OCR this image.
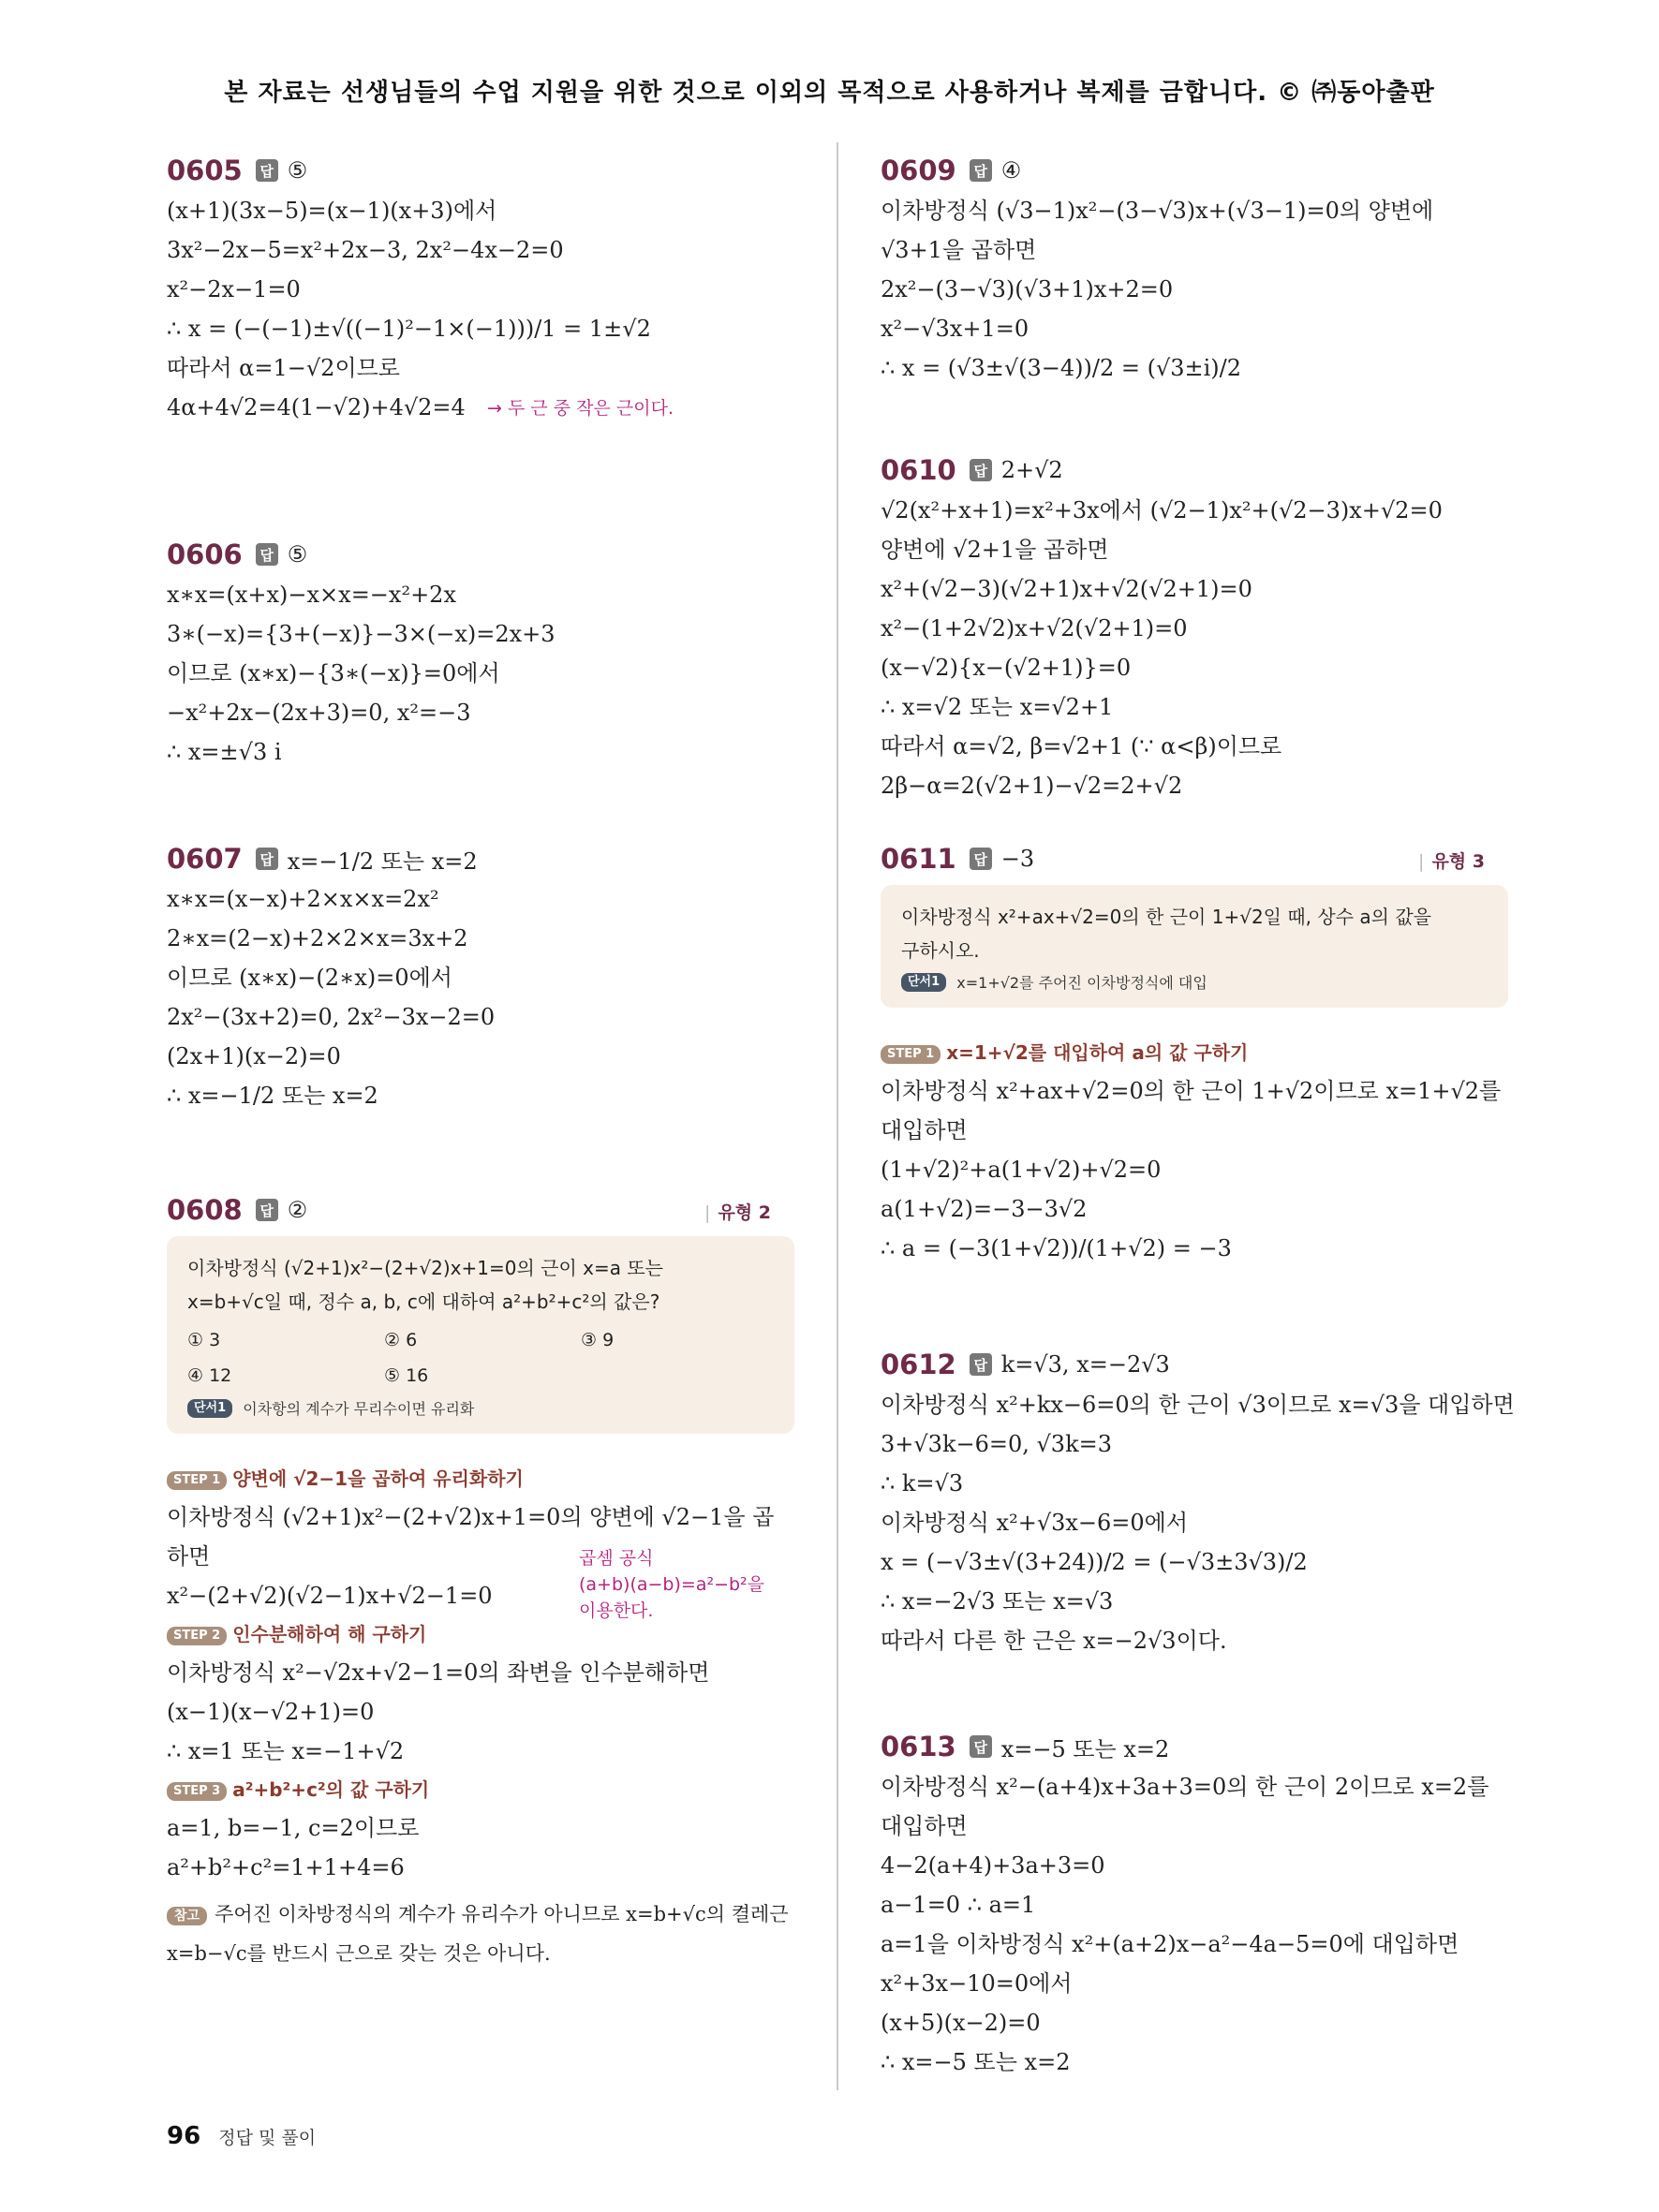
본 자료는 선생님들의 수업 지원을 위한 것으로 이외의 목적으로 사용하거나 복제를 금합니다. © ㈜동아출판
0605	답 ⑤
(x+1)(3x−5)=(x−1)(x+3)에서
3x²−2x−5=x²+2x−3, 2x²−4x−2=0
x²−2x−1=0
∴ x = (−(−1)±√((−1)²−1×(−1)))/1 = 1±√2
따라서 α=1−√2이므로
4α+4√2=4(1−√2)+4√2=4	→ 두 근 중 작은 근이다.
0606	답 ⑤
x∗x=(x+x)−x×x=−x²+2x
3∗(−x)={3+(−x)}−3×(−x)=2x+3
이므로 (x∗x)−{3∗(−x)}=0에서
−x²+2x−(2x+3)=0, x²=−3
∴ x=±√3 i
0607	답 x=−1/2 또는 x=2
x∗x=(x−x)+2×x×x=2x²
2∗x=(2−x)+2×2×x=3x+2
이므로 (x∗x)−(2∗x)=0에서
2x²−(3x+2)=0, 2x²−3x−2=0
(2x+1)(x−2)=0
∴ x=−1/2 또는 x=2
0608	답 ②	| 유형 2
이차방정식 (√2+1)x²−(2+√2)x+1=0의 근이 x=a 또는
x=b+√c일 때, 정수 a, b, c에 대하여 a²+b²+c²의 값은?
① 3	② 6	③ 9
④ 12	⑤ 16
단서1 이차항의 계수가 무리수이면 유리화
STEP 1 양변에 √2−1을 곱하여 유리화하기
이차방정식 (√2+1)x²−(2+√2)x+1=0의 양변에 √2−1을 곱
하면
x²−(2+√2)(√2−1)x+√2−1=0
곱셈 공식
(a+b)(a−b)=a²−b²을
이용한다.
STEP 2 인수분해하여 해 구하기
이차방정식 x²−√2x+√2−1=0의 좌변을 인수분해하면
(x−1)(x−√2+1)=0
∴ x=1 또는 x=−1+√2
STEP 3 a²+b²+c²의 값 구하기
a=1, b=−1, c=2이므로
a²+b²+c²=1+1+4=6
참고 주어진 이차방정식의 계수가 유리수가 아니므로 x=b+√c의 켤레근
x=b−√c를 반드시 근으로 갖는 것은 아니다.
0609	답 ④
이차방정식 (√3−1)x²−(3−√3)x+(√3−1)=0의 양변에
√3+1을 곱하면
2x²−(3−√3)(√3+1)x+2=0
x²−√3x+1=0
∴ x = (√3±√(3−4))/2 = (√3±i)/2
0610	답 2+√2
√2(x²+x+1)=x²+3x에서 (√2−1)x²+(√2−3)x+√2=0
양변에 √2+1을 곱하면
x²+(√2−3)(√2+1)x+√2(√2+1)=0
x²−(1+2√2)x+√2(√2+1)=0
(x−√2){x−(√2+1)}=0
∴ x=√2 또는 x=√2+1
따라서 α=√2, β=√2+1 (∵ α<β)이므로
2β−α=2(√2+1)−√2=2+√2
0611	답 −3	| 유형 3
이차방정식 x²+ax+√2=0의 한 근이 1+√2일 때, 상수 a의 값을
구하시오.
단서1 x=1+√2를 주어진 이차방정식에 대입
STEP 1 x=1+√2를 대입하여 a의 값 구하기
이차방정식 x²+ax+√2=0의 한 근이 1+√2이므로 x=1+√2를
대입하면
(1+√2)²+a(1+√2)+√2=0
a(1+√2)=−3−3√2
∴ a = (−3(1+√2))/(1+√2) = −3
0612	답 k=√3, x=−2√3
이차방정식 x²+kx−6=0의 한 근이 √3이므로 x=√3을 대입하면
3+√3k−6=0, √3k=3
∴ k=√3
이차방정식 x²+√3x−6=0에서
x = (−√3±√(3+24))/2 = (−√3±3√3)/2
∴ x=−2√3 또는 x=√3
따라서 다른 한 근은 x=−2√3이다.
0613	답 x=−5 또는 x=2
이차방정식 x²−(a+4)x+3a+3=0의 한 근이 2이므로 x=2를
대입하면
4−2(a+4)+3a+3=0
a−1=0 ∴ a=1
a=1을 이차방정식 x²+(a+2)x−a²−4a−5=0에 대입하면
x²+3x−10=0에서
(x+5)(x−2)=0
∴ x=−5 또는 x=2
96 정답 및 풀이
